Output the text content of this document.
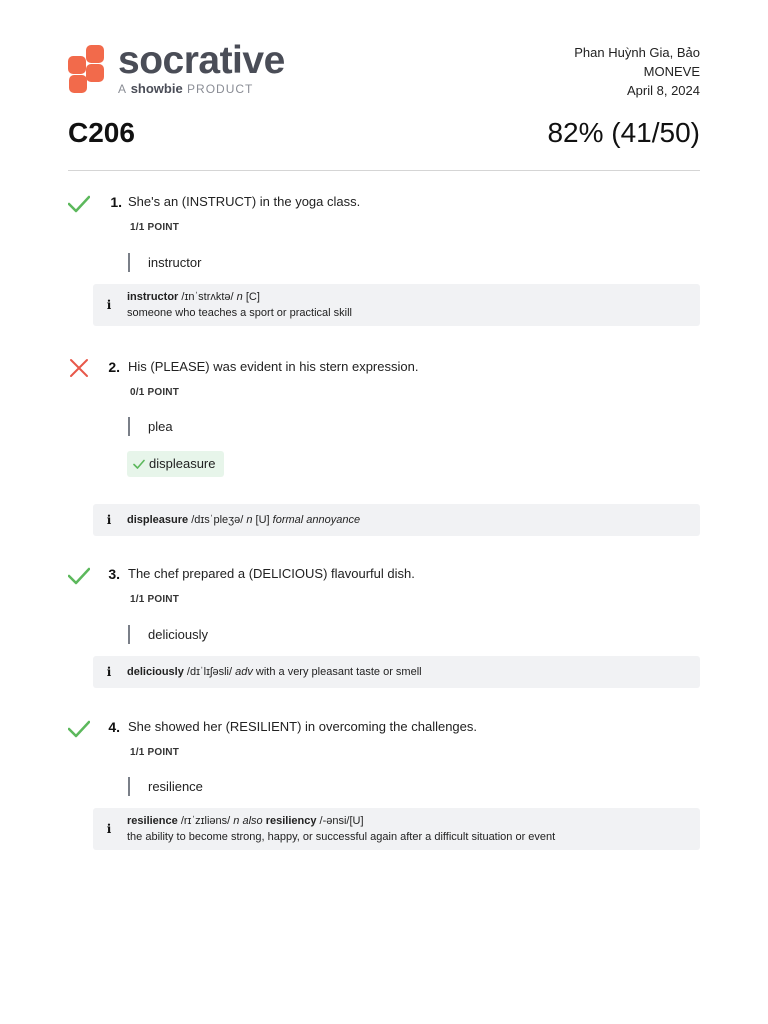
socrative
A showbie PRODUCT
Phan Huỳnh Gia, Bảo
MONEVE
April 8, 2024
C206	82% (41/50)
1. She's an (INSTRUCT) in the yoga class.
1/1 POINT
instructor
i
instructor /ɪnˈstrʌktə/ n [C]
someone who teaches a sport or practical skill
2. His (PLEASE) was evident in his stern expression.
0/1 POINT
plea
displeasure
i	displeasure /dɪsˈpleʒə/ n [U] formal annoyance
3. The chef prepared a (DELICIOUS) flavourful dish.
1/1 POINT
deliciously
i	deliciously /dɪˈlɪʃəsli/ adv with a very pleasant taste or smell
4. She showed her (RESILIENT) in overcoming the challenges.
1/1 POINT
resilience
i
resilience /rɪˈzɪliəns/ n also resiliency /-ənsi/[U]
the ability to become strong, happy, or successful again after a difficult situation or event
